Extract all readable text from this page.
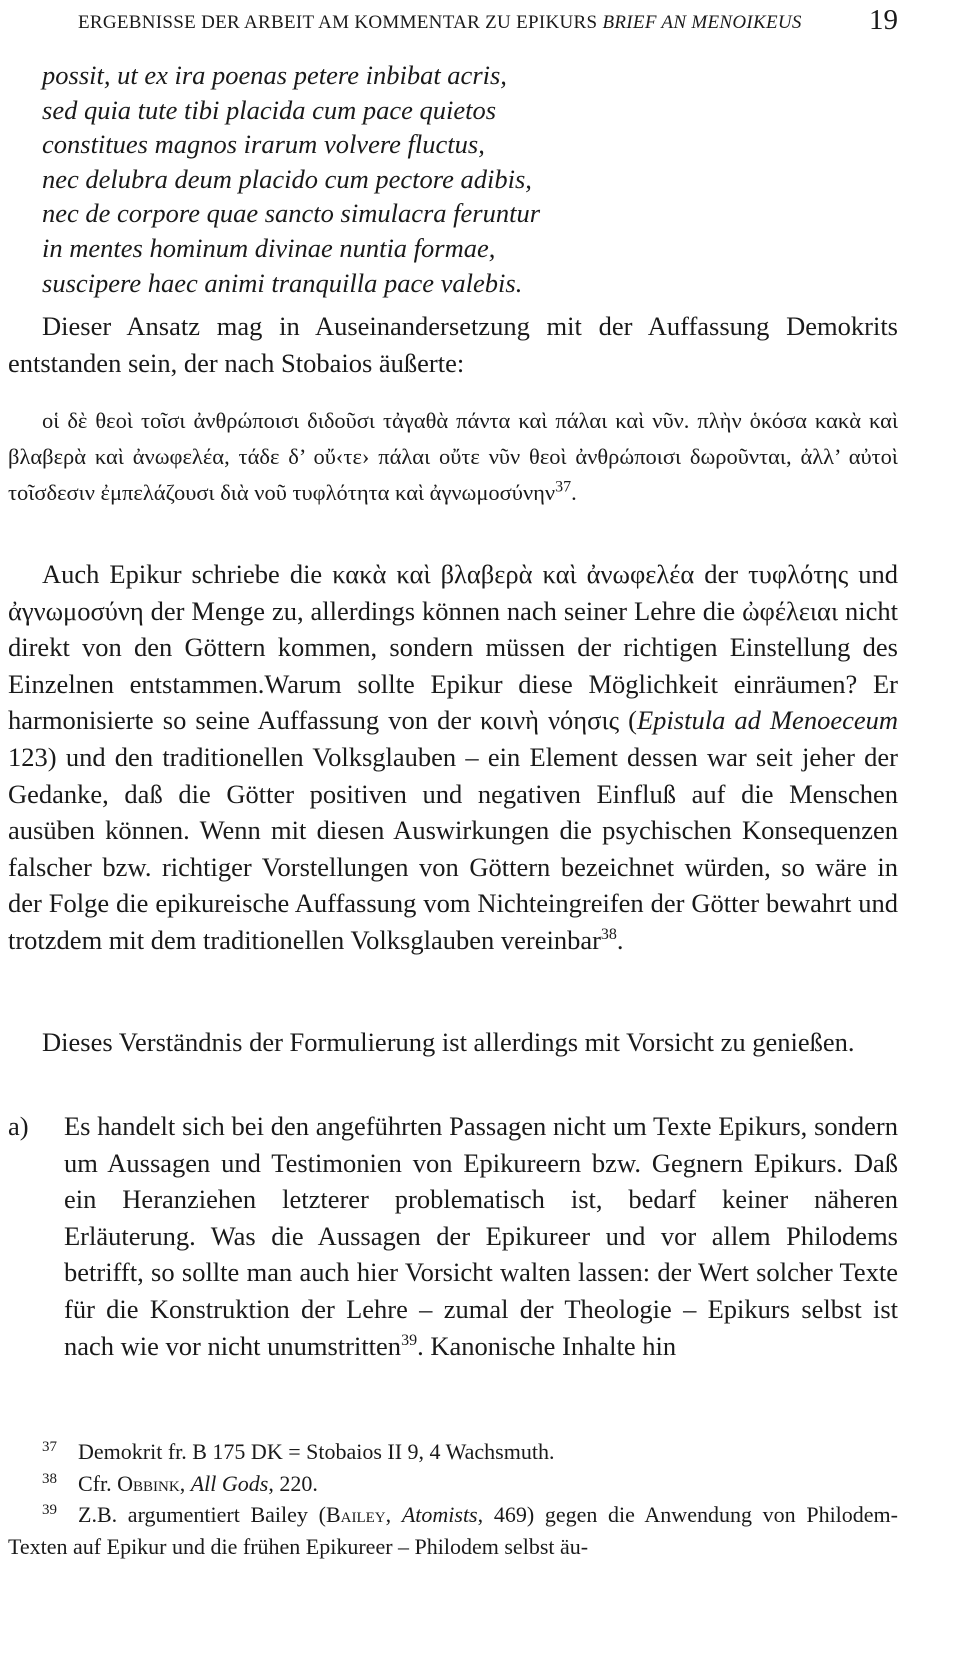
ERGEBNISSE DER ARBEIT AM KOMMENTAR ZU EPIKURS BRIEF AN MENOIKEUS 19
possit, ut ex ira poenas petere inbibat acris,
sed quia tute tibi placida cum pace quietos
constitues magnos irarum volvere fluctus,
nec delubra deum placido cum pectore adibis,
nec de corpore quae sancto simulacra feruntur
in mentes hominum divinae nuntia formae,
suscipere haec animi tranquilla pace valebis.
Dieser Ansatz mag in Auseinandersetzung mit der Auffassung Demokrits entstanden sein, der nach Stobaios äußerte:
οἱ δὲ θεοὶ τοῖσι ἀνθρώποισι διδοῦσι τἀγαθὰ πάντα καὶ πάλαι καὶ νῦν. πλὴν ὁκόσα κακὰ καὶ βλαβερὰ καὶ ἀνωφελέα, τάδε δ’ οὔ‹τε› πάλαι οὔτε νῦν θεοὶ ἀνθρώποισι δωροῦνται, ἀλλ’ αὐτοὶ τοῖσδεσιν ἐμπελάζουσι διὰ νοῦ τυφλότητα καὶ ἀγνωμοσύνην$^{37}$.
Auch Epikur schriebe die κακὰ καὶ βλαβερὰ καὶ ἀνωφελέα der τυφλότης und ἀγνωμοσύνη der Menge zu, allerdings können nach seiner Lehre die ὠφέλειαι nicht direkt von den Göttern kommen, sondern müssen der richtigen Einstellung des Einzelnen entstammen.Warum sollte Epikur diese Möglichkeit einräumen? Er harmonisierte so seine Auffassung von der κοινὴ νόησις (Epistula ad Menoeceum 123) und den traditionellen Volksglauben – ein Element dessen war seit jeher der Gedanke, daß die Götter positiven und negativen Einfluß auf die Menschen ausüben können. Wenn mit diesen Auswirkungen die psychischen Konsequenzen falscher bzw. richtiger Vorstellungen von Göttern bezeichnet würden, so wäre in der Folge die epikureische Auffassung vom Nichteingreifen der Götter bewahrt und trotzdem mit dem traditionellen Volksglauben vereinbar$^{38}$.
Dieses Verständnis der Formulierung ist allerdings mit Vorsicht zu genießen.
a) Es handelt sich bei den angeführten Passagen nicht um Texte Epikurs, sondern um Aussagen und Testimonien von Epikureern bzw. Gegnern Epikurs. Daß ein Heranziehen letzterer problematisch ist, bedarf keiner näheren Erläuterung. Was die Aussagen der Epikureer und vor allem Philodems betrifft, so sollte man auch hier Vorsicht walten lassen: der Wert solcher Texte für die Konstruktion der Lehre – zumal der Theologie – Epikurs selbst ist nach wie vor nicht unumstritten$^{39}$. Kanonische Inhalte hin
37 Demokrit fr. B 175 DK = Stobaios II 9, 4 Wachsmuth.
38 Cfr. Obbink, All Gods, 220.
39 Z.B. argumentiert Bailey (Bailey, Atomists, 469) gegen die Anwendung von Philodem-Texten auf Epikur und die frühen Epikureer – Philodem selbst äu-
